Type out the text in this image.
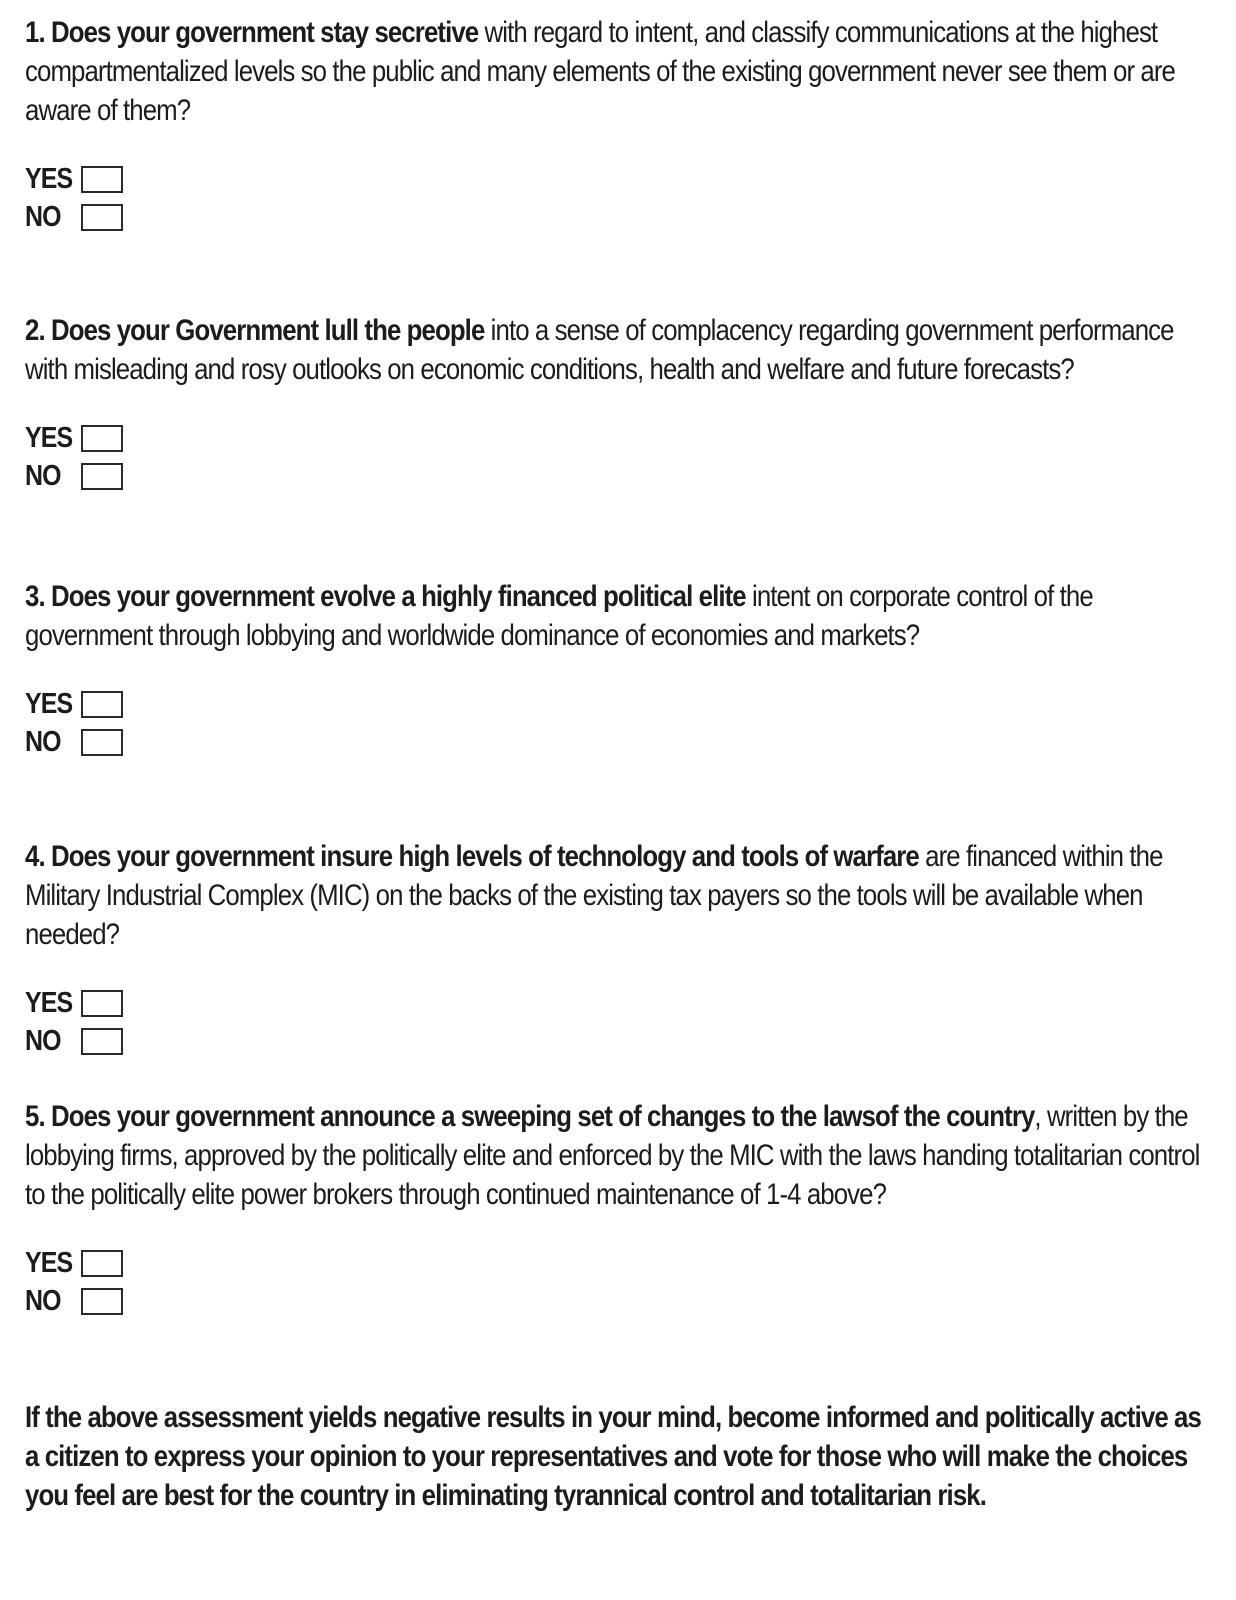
1. Does your government stay secretive with regard to intent, and classify communications at the highest compartmentalized levels so the public and many elements of the existing government never see them or are aware of them?

YES
NO

2. Does your Government lull the people into a sense of complacency regarding government performance with misleading and rosy outlooks on economic conditions, health and welfare and future forecasts?

YES
NO

3. Does your government evolve a highly financed political elite intent on corporate control of the government through lobbying and worldwide dominance of economies and markets?

YES
NO

4. Does your government insure high levels of technology and tools of warfare are financed within the Military Industrial Complex (MIC) on the backs of the existing tax payers so the tools will be available when needed?

YES
NO

5. Does your government announce a sweeping set of changes to the lawsof the country, written by the lobbying firms, approved by the politically elite and enforced by the MIC with the laws handing totalitarian control to the politically elite power brokers through continued maintenance of 1-4 above?

YES
NO

If the above assessment yields negative results in your mind, become informed and politically active as a citizen to express your opinion to your representatives and vote for those who will make the choices you feel are best for the country in eliminating tyrannical control and totalitarian risk.
